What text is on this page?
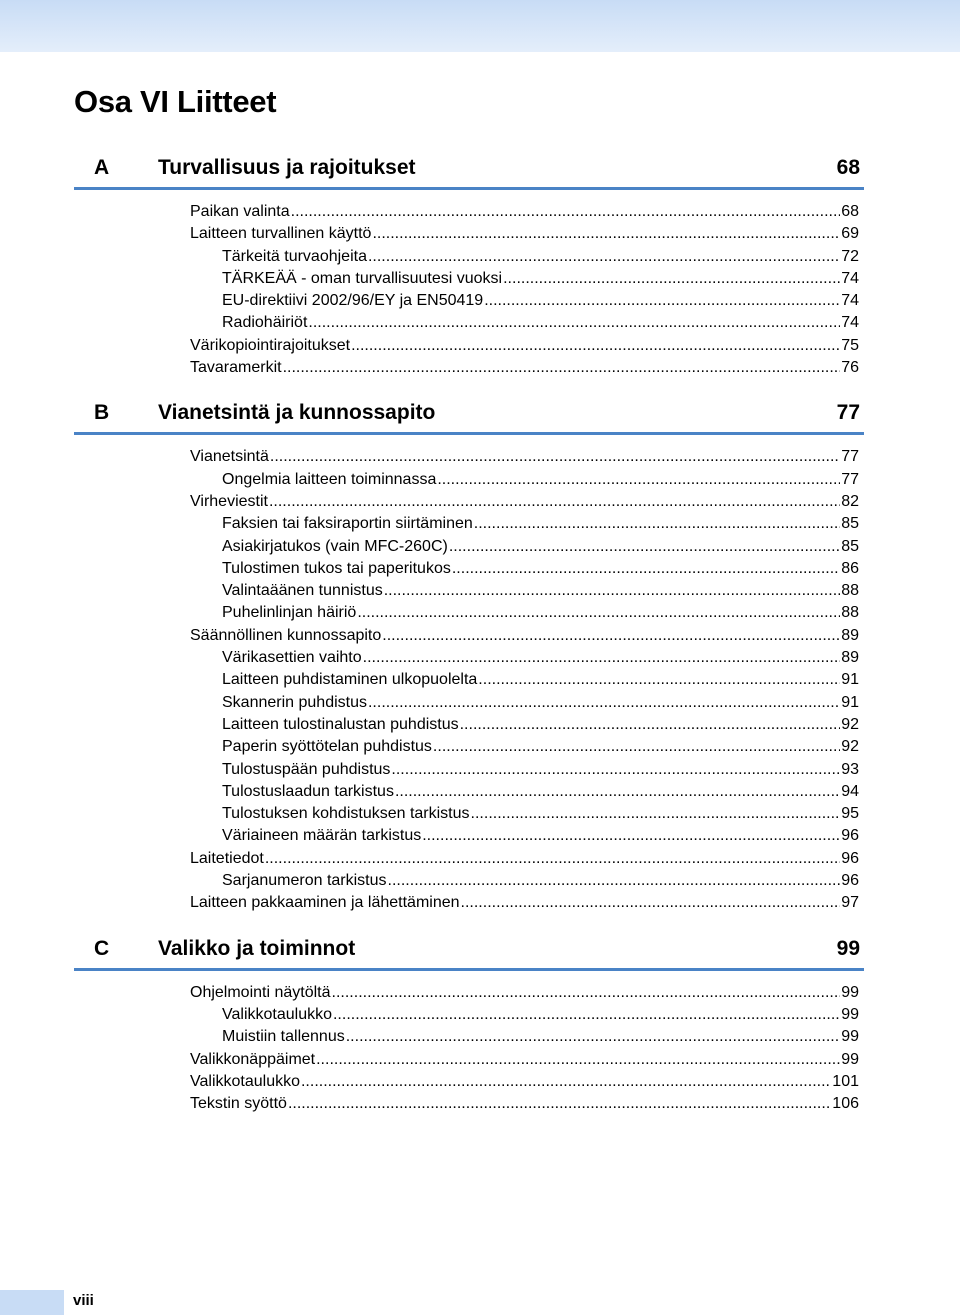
Osa VI Liitteet
A Turvallisuus ja rajoitukset	68
Paikan valinta .....	68
Laitteen turvallinen käyttö .....	69
Tärkeitä turvaohjeita .....	72
TÄRKEÄÄ - oman turvallisuutesi vuoksi .....	74
EU-direktiivi 2002/96/EY ja EN50419 .....	74
Radiohäiriöt .....	74
Värikopiointirajoitukset .....	75
Tavaramerkit .....	76
B Vianetsintä ja kunnossapito	77
Vianetsintä .....	77
Ongelmia laitteen toiminnassa .....	77
Virheviestit .....	82
Faksien tai faksiraportin siirtäminen .....	85
Asiakirjatukos (vain MFC-260C) .....	85
Tulostimen tukos tai paperitukos .....	86
Valintaäänen tunnistus .....	88
Puhelinlinjan häiriö .....	88
Säännöllinen kunnossapito .....	89
Värikasettien vaihto .....	89
Laitteen puhdistaminen ulkopuolelta .....	91
Skannerin puhdistus .....	91
Laitteen tulostinalustan puhdistus .....	92
Paperin syöttötelan puhdistus .....	92
Tulostuspään puhdistus .....	93
Tulostuslaadun tarkistus .....	94
Tulostuksen kohdistuksen tarkistus .....	95
Väriaineen määrän tarkistus .....	96
Laitetiedot .....	96
Sarjanumeron tarkistus .....	96
Laitteen pakkaaminen ja lähettäminen .....	97
C Valikko ja toiminnot	99
Ohjelmointi näytöltä .....	99
Valikkotaulukko .....	99
Muistiin tallennus .....	99
Valikkonäppäimet .....	99
Valikkotaulukko .....	101
Tekstin syöttö .....	106
viii
